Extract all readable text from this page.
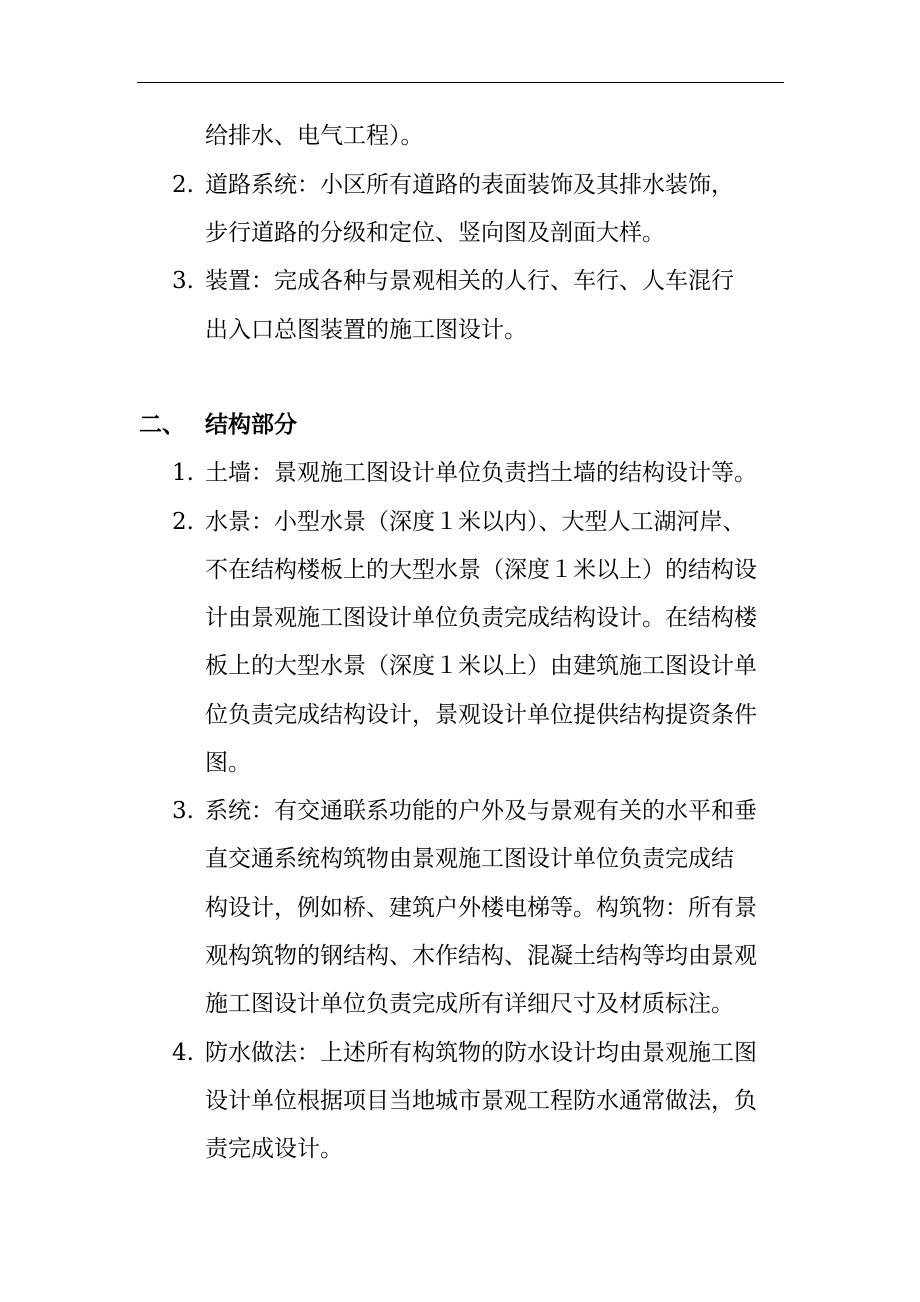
给排水、电气工程）。
2. 道路系统：小区所有道路的表面装饰及其排水装饰，
步行道路的分级和定位、竖向图及剖面大样。
3. 装置：完成各种与景观相关的人行、车行、人车混行
出入口总图装置的施工图设计。
二、 结构部分
1. 土墙：景观施工图设计单位负责挡土墙的结构设计等。
2. 水景：小型水景（深度１米以内）、大型人工湖河岸、
不在结构楼板上的大型水景（深度１米以上）的结构设
计由景观施工图设计单位负责完成结构设计。在结构楼
板上的大型水景（深度１米以上）由建筑施工图设计单
位负责完成结构设计，景观设计单位提供结构提资条件
图。
3. 系统：有交通联系功能的户外及与景观有关的水平和垂
直交通系统构筑物由景观施工图设计单位负责完成结
构设计，例如桥、建筑户外楼电梯等。构筑物：所有景
观构筑物的钢结构、木作结构、混凝土结构等均由景观
施工图设计单位负责完成所有详细尺寸及材质标注。
4. 防水做法：上述所有构筑物的防水设计均由景观施工图
设计单位根据项目当地城市景观工程防水通常做法，负
责完成设计。
